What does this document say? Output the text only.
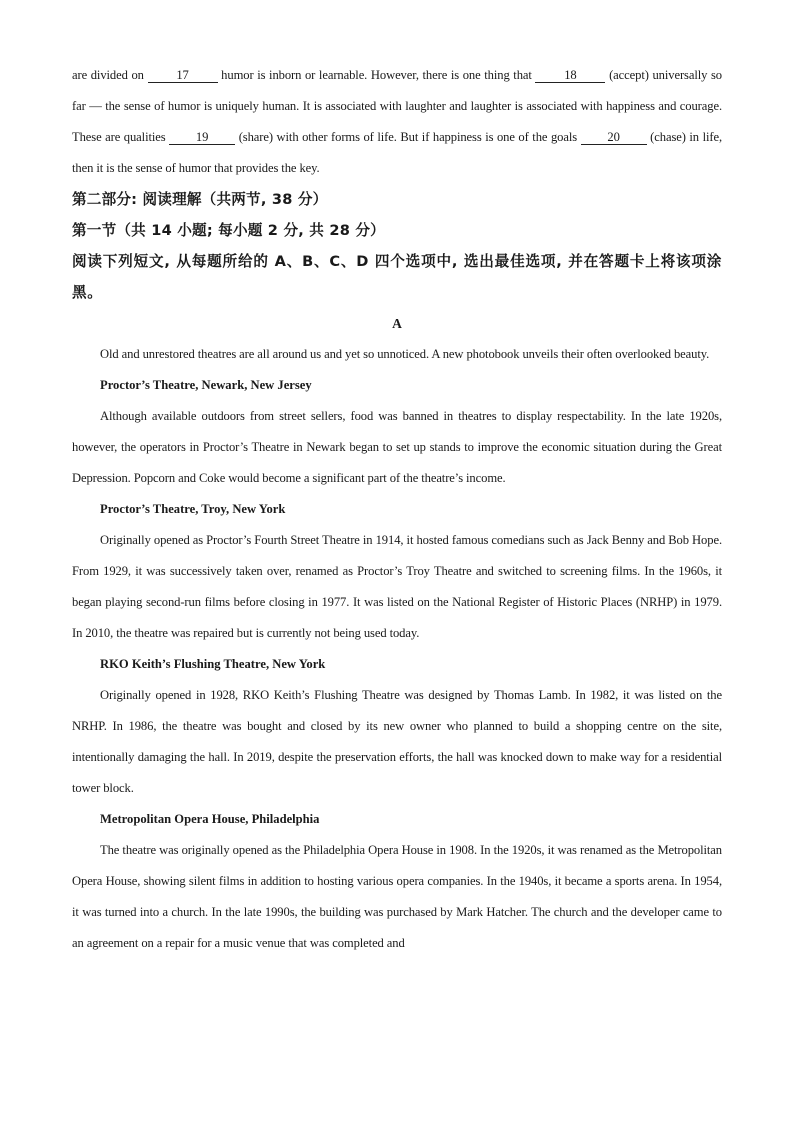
are divided on 17 humor is inborn or learnable. However, there is one thing that 18 (accept) universally so far — the sense of humor is uniquely human. It is associated with laughter and laughter is associated with happiness and courage. These are qualities 19 (share) with other forms of life. But if happiness is one of the goals 20 (chase) in life, then it is the sense of humor that provides the key.

第二部分: 阅读理解（共两节, 38 分）

第一节（共 14 小题; 每小题 2 分, 共 28 分）

阅读下列短文, 从每题所给的 A、B、C、D 四个选项中, 选出最佳选项, 并在答题卡上将该项涂黑。

A

Old and unrestored theatres are all around us and yet so unnoticed. A new photobook unveils their often overlooked beauty.

Proctor’s Theatre, Newark, New Jersey

Although available outdoors from street sellers, food was banned in theatres to display respectability. In the late 1920s, however, the operators in Proctor’s Theatre in Newark began to set up stands to improve the economic situation during the Great Depression. Popcorn and Coke would become a significant part of the theatre’s income.

Proctor’s Theatre, Troy, New York

Originally opened as Proctor’s Fourth Street Theatre in 1914, it hosted famous comedians such as Jack Benny and Bob Hope. From 1929, it was successively taken over, renamed as Proctor’s Troy Theatre and switched to screening films. In the 1960s, it began playing second-run films before closing in 1977. It was listed on the National Register of Historic Places (NRHP) in 1979. In 2010, the theatre was repaired but is currently not being used today.

RKO Keith’s Flushing Theatre, New York

Originally opened in 1928, RKO Keith’s Flushing Theatre was designed by Thomas Lamb. In 1982, it was listed on the NRHP. In 1986, the theatre was bought and closed by its new owner who planned to build a shopping centre on the site, intentionally damaging the hall. In 2019, despite the preservation efforts, the hall was knocked down to make way for a residential tower block.

Metropolitan Opera House, Philadelphia

The theatre was originally opened as the Philadelphia Opera House in 1908. In the 1920s, it was renamed as the Metropolitan Opera House, showing silent films in addition to hosting various opera companies. In the 1940s, it became a sports arena. In 1954, it was turned into a church. In the late 1990s, the building was purchased by Mark Hatcher. The church and the developer came to an agreement on a repair for a music venue that was completed and
